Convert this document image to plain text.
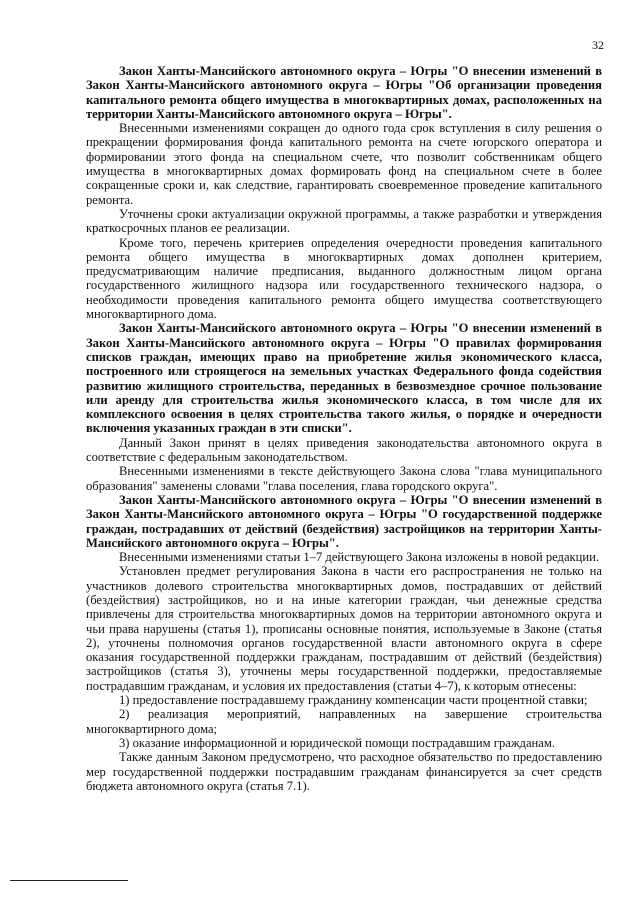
32

Закон Ханты-Мансийского автономного округа – Югры "О внесении изменений в Закон Ханты-Мансийского автономного округа – Югры "Об организации проведения капитального ремонта общего имущества в многоквартирных домах, расположенных на территории Ханты-Мансийского автономного округа – Югры".

Внесенными изменениями сокращен до одного года срок вступления в силу решения о прекращении формирования фонда капитального ремонта на счете югорского оператора и формировании этого фонда на специальном счете, что позволит собственникам общего имущества в многоквартирных домах формировать фонд на специальном счете в более сокращенные сроки и, как следствие, гарантировать своевременное проведение капитального ремонта.

Уточнены сроки актуализации окружной программы, а также разработки и утверждения краткосрочных планов ее реализации.

Кроме того, перечень критериев определения очередности проведения капитального ремонта общего имущества в многоквартирных домах дополнен критерием, предусматривающим наличие предписания, выданного должностным лицом органа государственного жилищного надзора или государственного технического надзора, о необходимости проведения капитального ремонта общего имущества соответствующего многоквартирного дома.

Закон Ханты-Мансийского автономного округа – Югры "О внесении изменений в Закон Ханты-Мансийского автономного округа – Югры "О правилах формирования списков граждан, имеющих право на приобретение жилья экономического класса, построенного или строящегося на земельных участках Федерального фонда содействия развитию жилищного строительства, переданных в безвозмездное срочное пользование или аренду для строительства жилья экономического класса, в том числе для их комплексного освоения в целях строительства такого жилья, о порядке и очередности включения указанных граждан в эти списки".

Данный Закон принят в целях приведения законодательства автономного округа в соответствие с федеральным законодательством.

Внесенными изменениями в тексте действующего Закона слова "глава муниципального образования" заменены словами "глава поселения, глава городского округа".

Закон Ханты-Мансийского автономного округа – Югры "О внесении изменений в Закон Ханты-Мансийского автономного округа – Югры "О государственной поддержке граждан, пострадавших от действий (бездействия) застройщиков на территории Ханты-Мансийского автономного округа – Югры".

Внесенными изменениями статьи 1–7 действующего Закона изложены в новой редакции.

Установлен предмет регулирования Закона в части его распространения не только на участников долевого строительства многоквартирных домов, пострадавших от действий (бездействия) застройщиков, но и на иные категории граждан, чьи денежные средства привлечены для строительства многоквартирных домов на территории автономного округа и чьи права нарушены (статья 1), прописаны основные понятия, используемые в Законе (статья 2), уточнены полномочия органов государственной власти автономного округа в сфере оказания государственной поддержки гражданам, пострадавшим от действий (бездействия) застройщиков (статья 3), уточнены меры государственной поддержки, предоставляемые пострадавшим гражданам, и условия их предоставления (статьи 4–7), к которым отнесены:

1) предоставление пострадавшему гражданину компенсации части процентной ставки;

2) реализация мероприятий, направленных на завершение строительства многоквартирного дома;

3) оказание информационной и юридической помощи пострадавшим гражданам.

Также данным Законом предусмотрено, что расходное обязательство по предоставлению мер государственной поддержки пострадавшим гражданам финансируется за счет средств бюджета автономного округа (статья 7.1).
